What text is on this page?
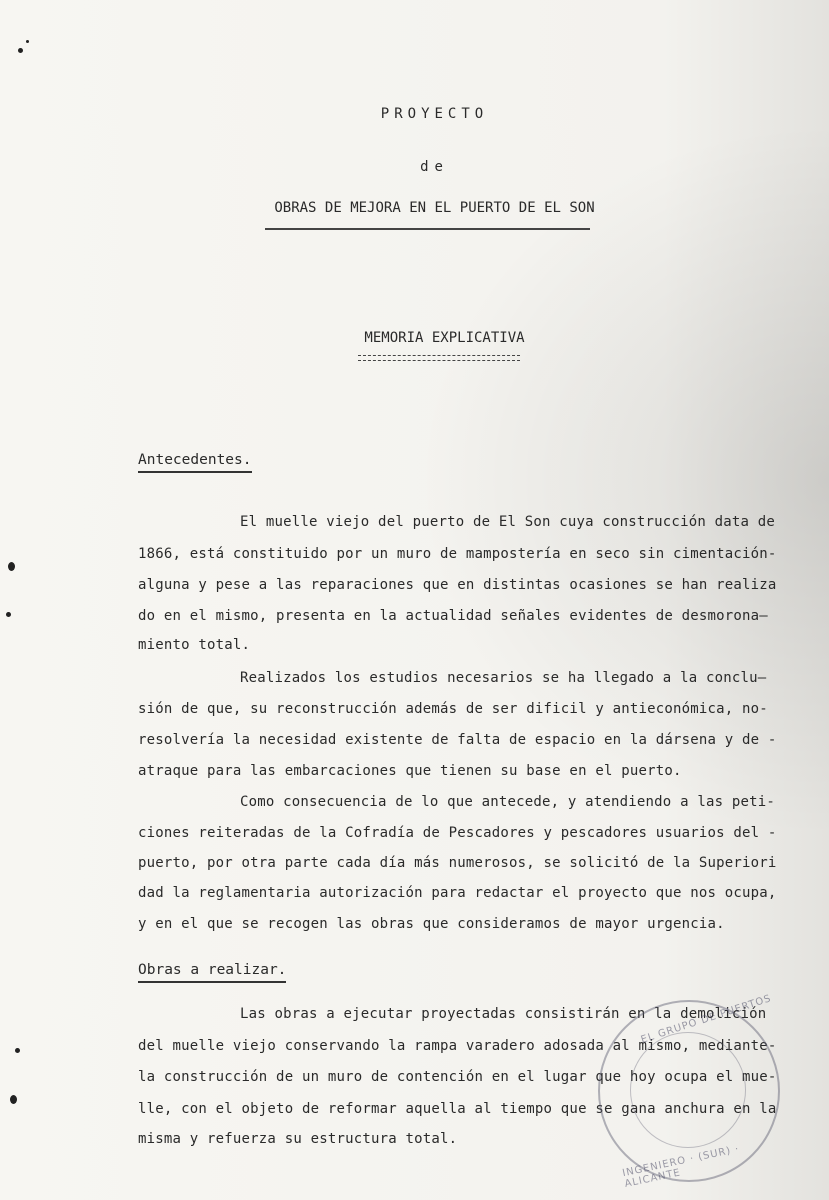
PROYECTO
de
OBRAS DE MEJORA EN EL PUERTO DE EL SON
MEMORIA EXPLICATIVA
Antecedentes.
El muelle viejo del puerto de El Son cuya construcción data de
1866, está constituido por un muro de mampostería en seco sin cimentación-
alguna y pese a las reparaciones que en distintas ocasiones se han realiza
do en el mismo, presenta en la actualidad señales evidentes de desmorona—
miento total.
Realizados los estudios necesarios se ha llegado a la conclu—
sión de que, su reconstrucción además de ser dificil y antieconómica, no-
resolvería la necesidad existente de falta de espacio en la dársena y de -
atraque para las embarcaciones que tienen su base en el puerto.
Como consecuencia de lo que antecede, y atendiendo a las peti-
ciones reiteradas de la Cofradía de Pescadores y pescadores usuarios del -
puerto, por otra parte cada día más numerosos, se solicitó de la Superiori
dad la reglamentaria autorización para redactar el proyecto que nos ocupa,
y en el que se recogen las obras que consideramos de mayor urgencia.
Obras a realizar.
Las obras a ejecutar proyectadas consistirán en la demolición
del muelle viejo conservando la rampa varadero adosada al mismo, mediante-
la construcción de un muro de contención en el lugar que hoy ocupa el mue-
lle, con el objeto de reformar aquella al tiempo que se gana anchura en la
misma y refuerza su estructura total.
EL GRUPO DE PUERTOS
INGENIERO · (SUR) · ALICANTE
